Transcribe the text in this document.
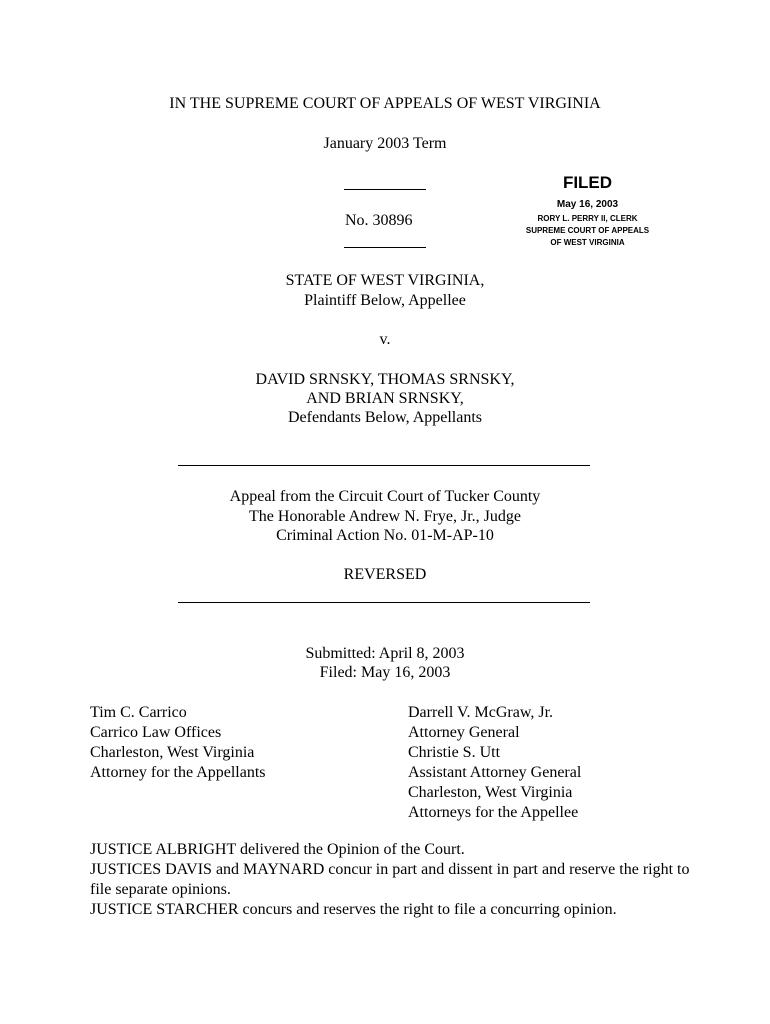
IN THE SUPREME COURT OF APPEALS OF WEST VIRGINIA
January 2003 Term
No. 30896
FILED
May 16, 2003
RORY L. PERRY II, CLERK
SUPREME COURT OF APPEALS
OF WEST VIRGINIA
STATE OF WEST VIRGINIA,
Plaintiff Below, Appellee
v.
DAVID SRNSKY, THOMAS SRNSKY,
AND BRIAN SRNSKY,
Defendants Below, Appellants
Appeal from the Circuit Court of Tucker County
The Honorable Andrew N. Frye, Jr., Judge
Criminal Action No. 01-M-AP-10
REVERSED
Submitted: April 8, 2003
Filed: May 16, 2003
Tim C. Carrico
Carrico Law Offices
Charleston, West Virginia
Attorney for the Appellants
Darrell V. McGraw, Jr.
Attorney General
Christie S. Utt
Assistant Attorney General
Charleston, West Virginia
Attorneys for the Appellee
JUSTICE ALBRIGHT delivered the Opinion of the Court.
JUSTICES DAVIS and MAYNARD concur in part and dissent in part and reserve the right to file separate opinions.
JUSTICE STARCHER concurs and reserves the right to file a concurring opinion.
